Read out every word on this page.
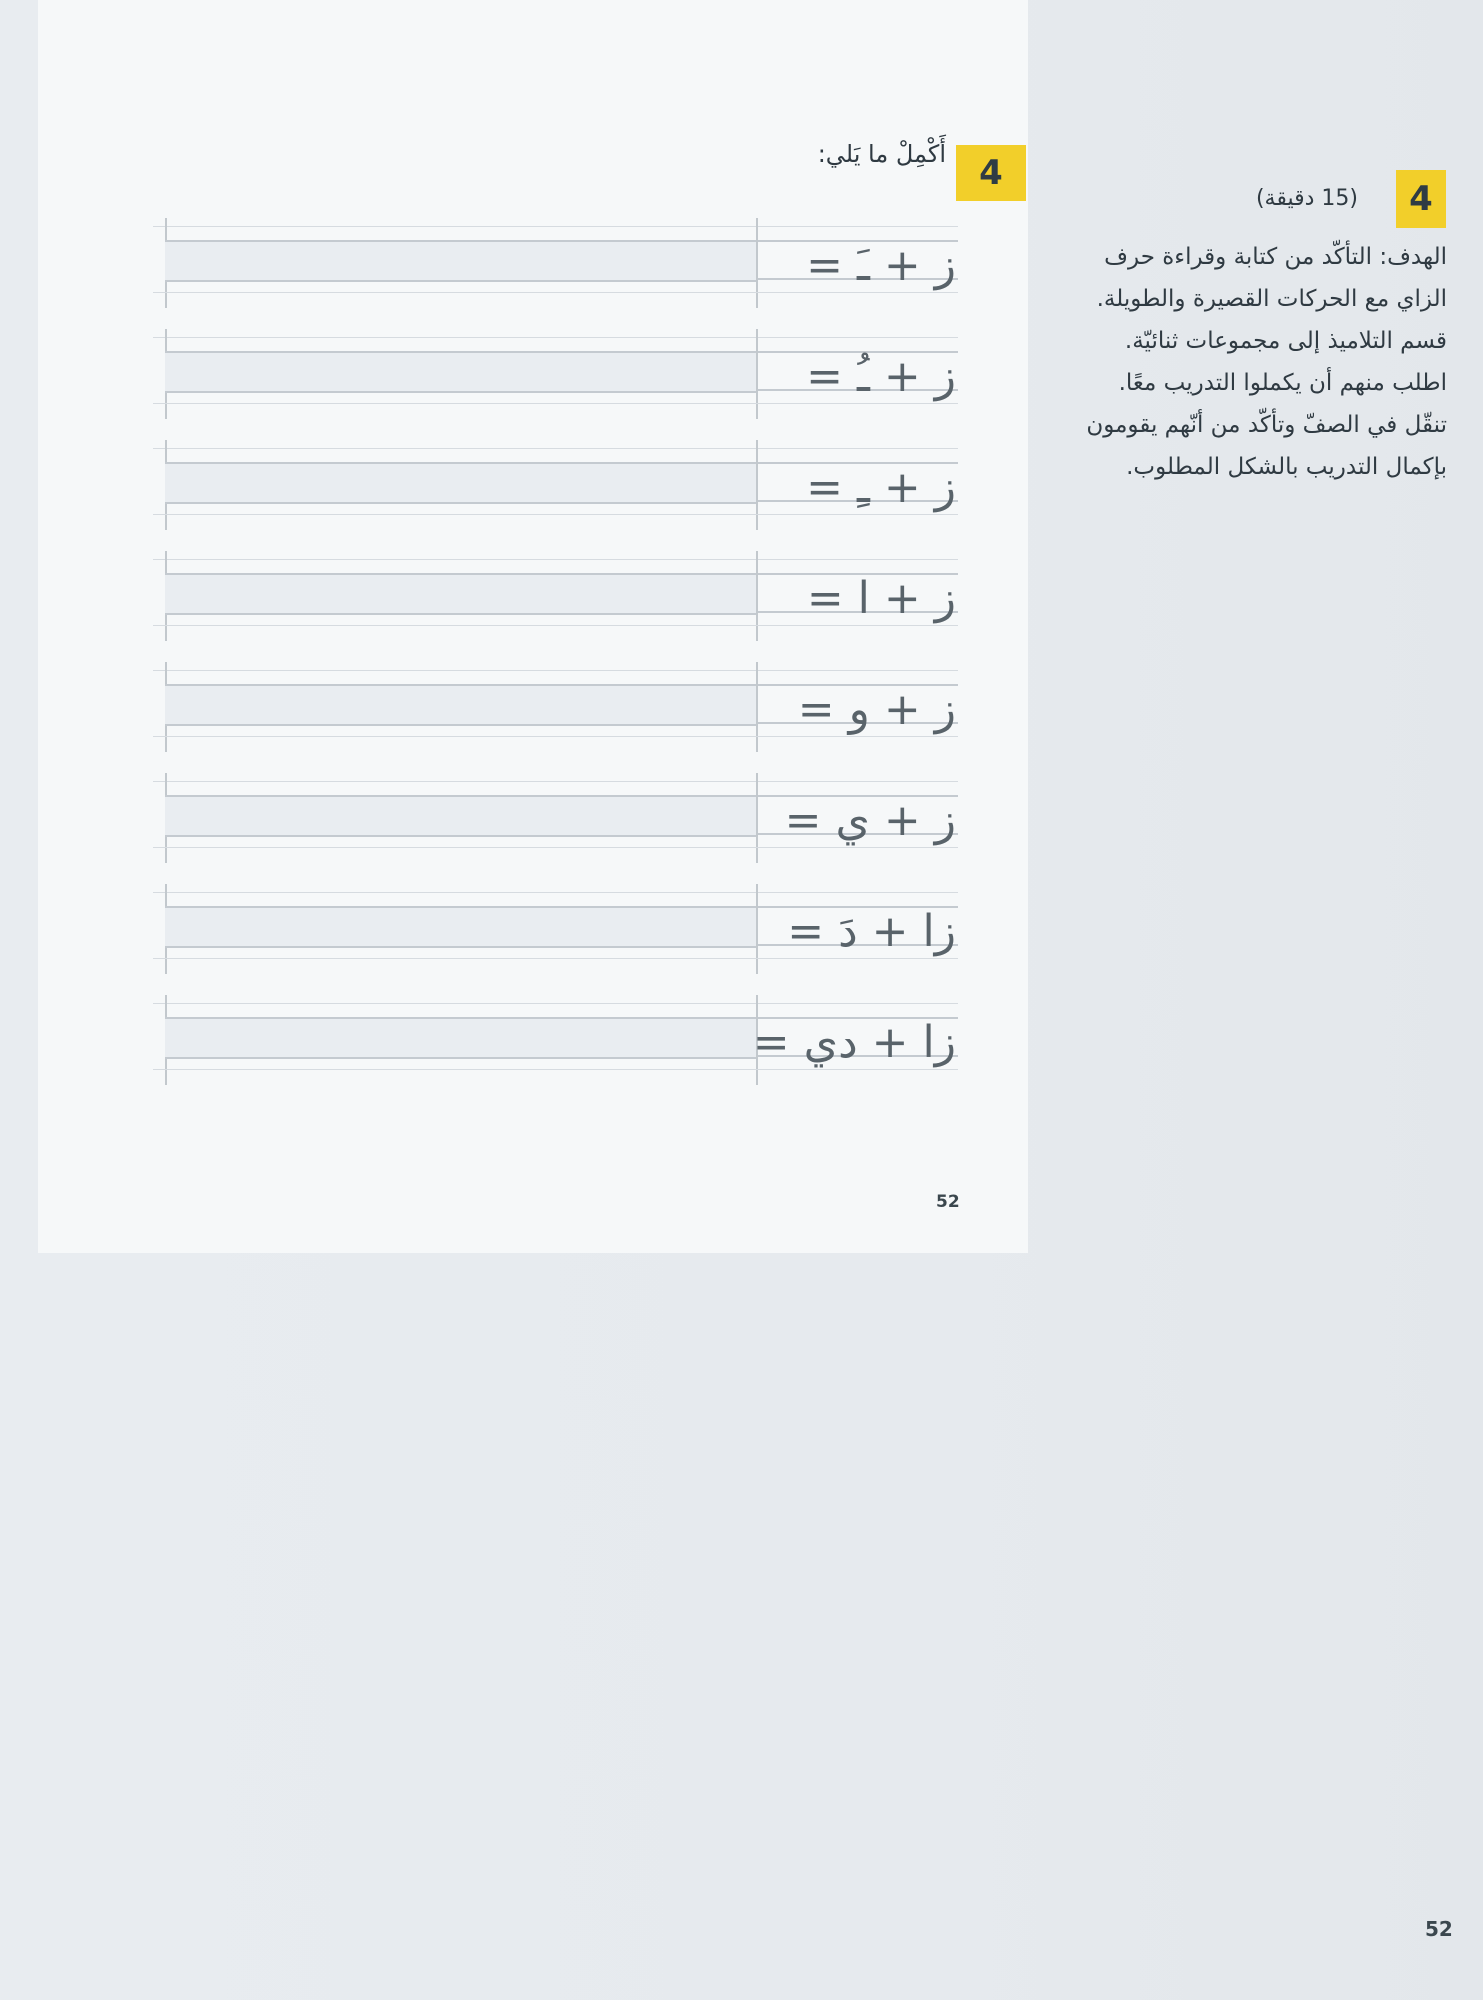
4
أَكْمِلْ ما يَلي:
ز + ـَ =
ز + ـُ =
ز + ـِ =
ز + ا =
ز + و =
ز + ي =
زا + دَ =
زا + دي =
52
4
(15 دقيقة)
الهدف: التأكّد من كتابة وقراءة حرف
الزاي مع الحركات القصيرة والطويلة.
قسم التلاميذ إلى مجموعات ثنائيّة.
اطلب منهم أن يكملوا التدريب معًا.
تنقّل في الصفّ وتأكّد من أنّهم يقومون
بإكمال التدريب بالشكل المطلوب.
52
